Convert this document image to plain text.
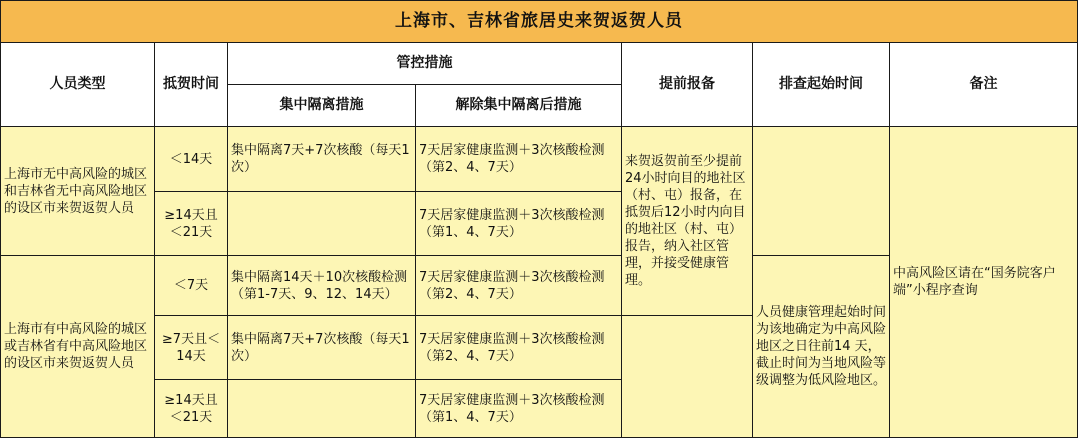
上海市、吉林省旅居史来贺返贺人员						
人员类型	抵贺时间	管控措施		提前报备	排查起始时间	备注
		集中隔离措施	解除集中隔离后措施			
上海市无中高风险的城区和吉林省无中高风险地区的设区市来贺返贺人员	＜14天	集中隔离7天+7次核酸（每天1次）	7天居家健康监测＋3次核酸检测（第2、4、7天）	来贺返贺前至少提前24小时向目的地社区（村、屯）报备，在抵贺后12小时内向目的地社区（村、屯）报告，纳入社区管理，并接受健康管理。		中高风险区请在“国务院客户端”小程序查询
	≥14天且＜21天		7天居家健康监测＋3次核酸检测（第1、4、7天）			
上海市有中高风险的城区或吉林省有中高风险地区的设区市来贺返贺人员	＜7天	集中隔离14天＋10次核酸检测（第1-7天、9、12、14天）	7天居家健康监测＋3次核酸检测（第2、4、7天）		人员健康管理起始时间为该地确定为中高风险地区之日往前14 天，截止时间为当地风险等级调整为低风险地区。	
	≥7天且＜14天	集中隔离7天+7次核酸（每天1次）	7天居家健康监测＋3次核酸检测（第2、4、7天）			
	≥14天且＜21天		7天居家健康监测＋3次核酸检测（第1、4、7天）			
